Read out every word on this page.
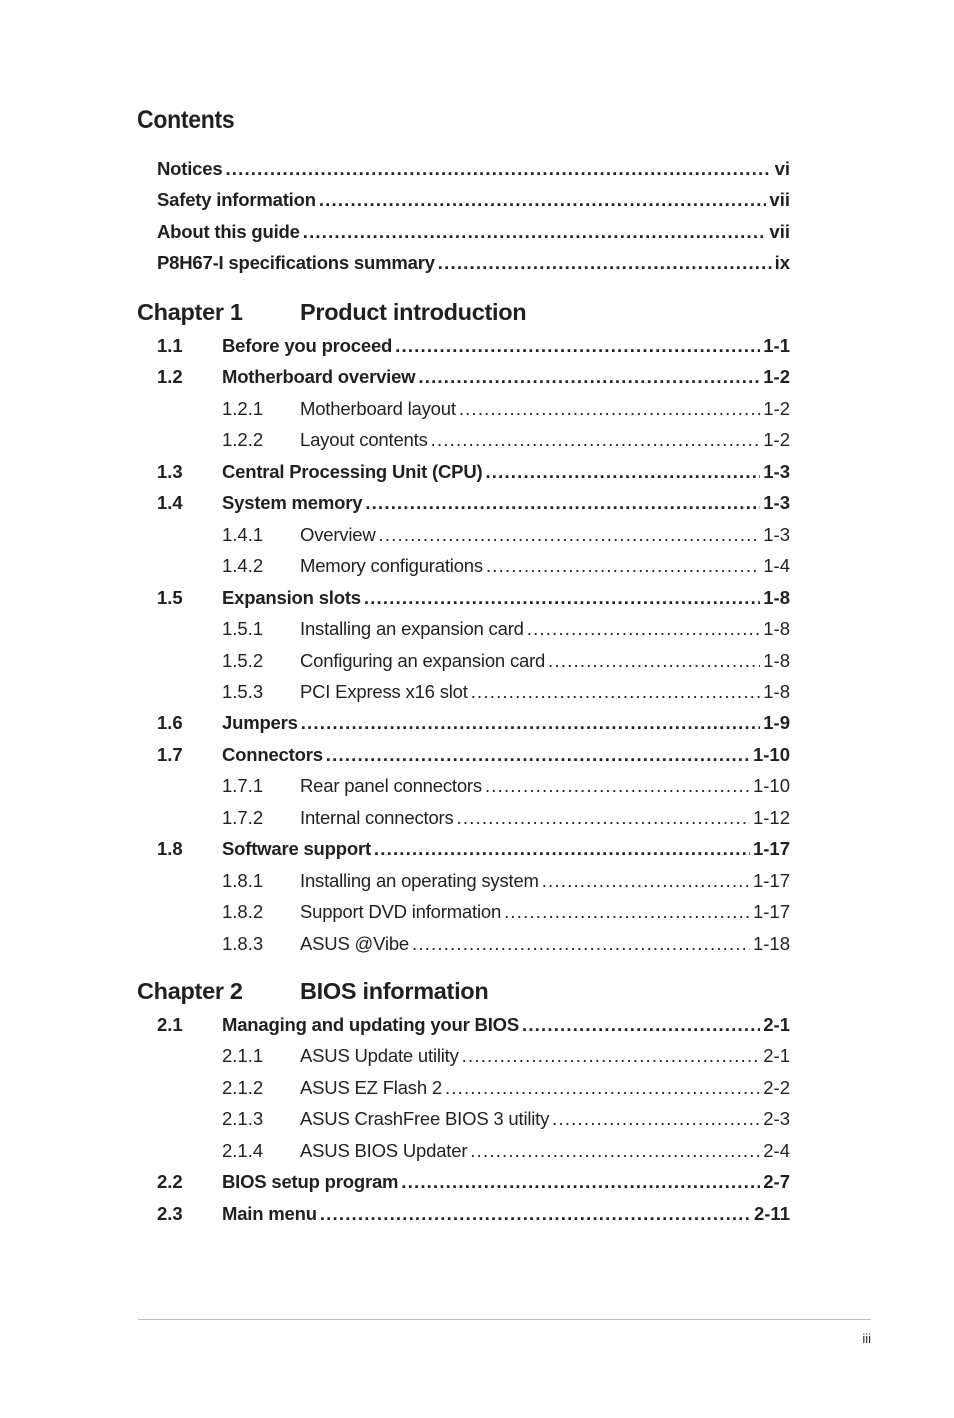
Contents
Notices .....	vi
Safety information .....	vii
About this guide .....	vii
P8H67-I specifications summary .....	ix
Chapter 1	Product introduction
1.1	Before you proceed .....	1-1
1.2	Motherboard overview .....	1-2
1.2.1	Motherboard layout .....	1-2
1.2.2	Layout contents .....	1-2
1.3	Central Processing Unit (CPU) .....	1-3
1.4	System memory .....	1-3
1.4.1	Overview .....	1-3
1.4.2	Memory configurations .....	1-4
1.5	Expansion slots .....	1-8
1.5.1	Installing an expansion card .....	1-8
1.5.2	Configuring an expansion card .....	1-8
1.5.3	PCI Express x16 slot .....	1-8
1.6	Jumpers .....	1-9
1.7	Connectors .....	1-10
1.7.1	Rear panel connectors .....	1-10
1.7.2	Internal connectors .....	1-12
1.8	Software support .....	1-17
1.8.1	Installing an operating system .....	1-17
1.8.2	Support DVD information .....	1-17
1.8.3	ASUS @Vibe .....	1-18
Chapter 2	BIOS information
2.1	Managing and updating your BIOS .....	2-1
2.1.1	ASUS Update utility .....	2-1
2.1.2	ASUS EZ Flash 2 .....	2-2
2.1.3	ASUS CrashFree BIOS 3 utility .....	2-3
2.1.4	ASUS BIOS Updater .....	2-4
2.2	BIOS setup program .....	2-7
2.3	Main menu .....	2-11
iii
